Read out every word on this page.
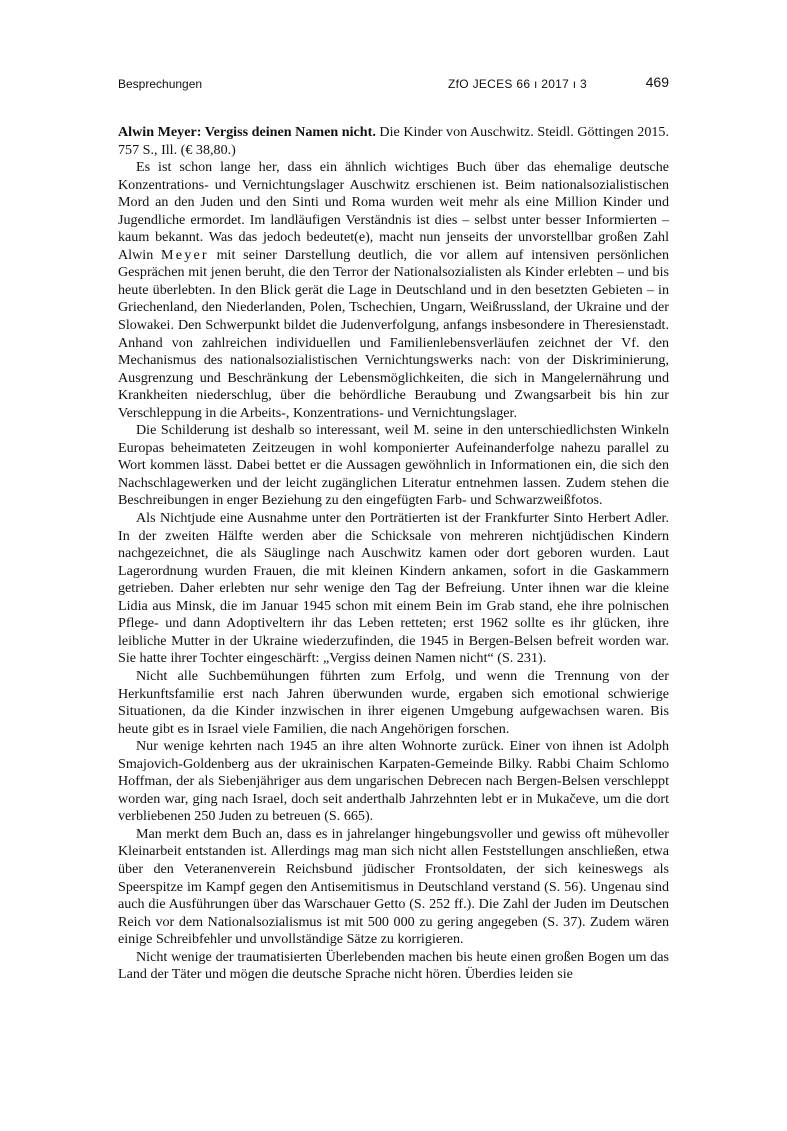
Besprechungen	ZfO JECES 66 ı 2017 ı 3	469

Alwin Meyer: Vergiss deinen Namen nicht. Die Kinder von Auschwitz. Steidl. Göttingen 2015. 757 S., Ill. (€ 38,80.)

Es ist schon lange her, dass ein ähnlich wichtiges Buch über das ehemalige deutsche Konzentrations- und Vernichtungslager Auschwitz erschienen ist. Beim nationalsozialistischen Mord an den Juden und den Sinti und Roma wurden weit mehr als eine Million Kinder und Jugendliche ermordet. Im landläufigen Verständnis ist dies – selbst unter besser Informierten – kaum bekannt. Was das jedoch bedeutet(e), macht nun jenseits der unvorstellbar großen Zahl Alwin Meyer mit seiner Darstellung deutlich, die vor allem auf intensiven persönlichen Gesprächen mit jenen beruht, die den Terror der Nationalsozialisten als Kinder erlebten – und bis heute überlebten. In den Blick gerät die Lage in Deutschland und in den besetzten Gebieten – in Griechenland, den Niederlanden, Polen, Tschechien, Ungarn, Weißrussland, der Ukraine und der Slowakei. Den Schwerpunkt bildet die Judenverfolgung, anfangs insbesondere in Theresienstadt. Anhand von zahlreichen individuellen und Familienlebensverläufen zeichnet der Vf. den Mechanismus des nationalsozialistischen Vernichtungswerks nach: von der Diskriminierung, Ausgrenzung und Beschränkung der Lebensmöglichkeiten, die sich in Mangelernährung und Krankheiten niederschlug, über die behördliche Beraubung und Zwangsarbeit bis hin zur Verschleppung in die Arbeits-, Konzentrations- und Vernichtungslager.

Die Schilderung ist deshalb so interessant, weil M. seine in den unterschiedlichsten Winkeln Europas beheimateten Zeitzeugen in wohl komponierter Aufeinanderfolge nahezu parallel zu Wort kommen lässt. Dabei bettet er die Aussagen gewöhnlich in Informationen ein, die sich den Nachschlagewerken und der leicht zugänglichen Literatur entnehmen lassen. Zudem stehen die Beschreibungen in enger Beziehung zu den eingefügten Farb- und Schwarzweißfotos.

Als Nichtjude eine Ausnahme unter den Porträtierten ist der Frankfurter Sinto Herbert Adler. In der zweiten Hälfte werden aber die Schicksale von mehreren nichtjüdischen Kindern nachgezeichnet, die als Säuglinge nach Auschwitz kamen oder dort geboren wurden. Laut Lagerordnung wurden Frauen, die mit kleinen Kindern ankamen, sofort in die Gaskammern getrieben. Daher erlebten nur sehr wenige den Tag der Befreiung. Unter ihnen war die kleine Lidia aus Minsk, die im Januar 1945 schon mit einem Bein im Grab stand, ehe ihre polnischen Pflege- und dann Adoptiveltern ihr das Leben retteten; erst 1962 sollte es ihr glücken, ihre leibliche Mutter in der Ukraine wiederzufinden, die 1945 in Bergen-Belsen befreit worden war. Sie hatte ihrer Tochter eingeschärft: „Vergiss deinen Namen nicht“ (S. 231).

Nicht alle Suchbemühungen führten zum Erfolg, und wenn die Trennung von der Herkunftsfamilie erst nach Jahren überwunden wurde, ergaben sich emotional schwierige Situationen, da die Kinder inzwischen in ihrer eigenen Umgebung aufgewachsen waren. Bis heute gibt es in Israel viele Familien, die nach Angehörigen forschen.

Nur wenige kehrten nach 1945 an ihre alten Wohnorte zurück. Einer von ihnen ist Adolph Smajovich-Goldenberg aus der ukrainischen Karpaten-Gemeinde Bilky. Rabbi Chaim Schlomo Hoffman, der als Siebenjähriger aus dem ungarischen Debrecen nach Bergen-Belsen verschleppt worden war, ging nach Israel, doch seit anderthalb Jahrzehnten lebt er in Mukačeve, um die dort verbliebenen 250 Juden zu betreuen (S. 665).

Man merkt dem Buch an, dass es in jahrelanger hingebungsvoller und gewiss oft mühevoller Kleinarbeit entstanden ist. Allerdings mag man sich nicht allen Feststellungen anschließen, etwa über den Veteranenverein Reichsbund jüdischer Frontsoldaten, der sich keineswegs als Speerspitze im Kampf gegen den Antisemitismus in Deutschland verstand (S. 56). Ungenau sind auch die Ausführungen über das Warschauer Getto (S. 252 ff.). Die Zahl der Juden im Deutschen Reich vor dem Nationalsozialismus ist mit 500 000 zu gering angegeben (S. 37). Zudem wären einige Schreibfehler und unvollständige Sätze zu korrigieren.

Nicht wenige der traumatisierten Überlebenden machen bis heute einen großen Bogen um das Land der Täter und mögen die deutsche Sprache nicht hören. Überdies leiden sie
